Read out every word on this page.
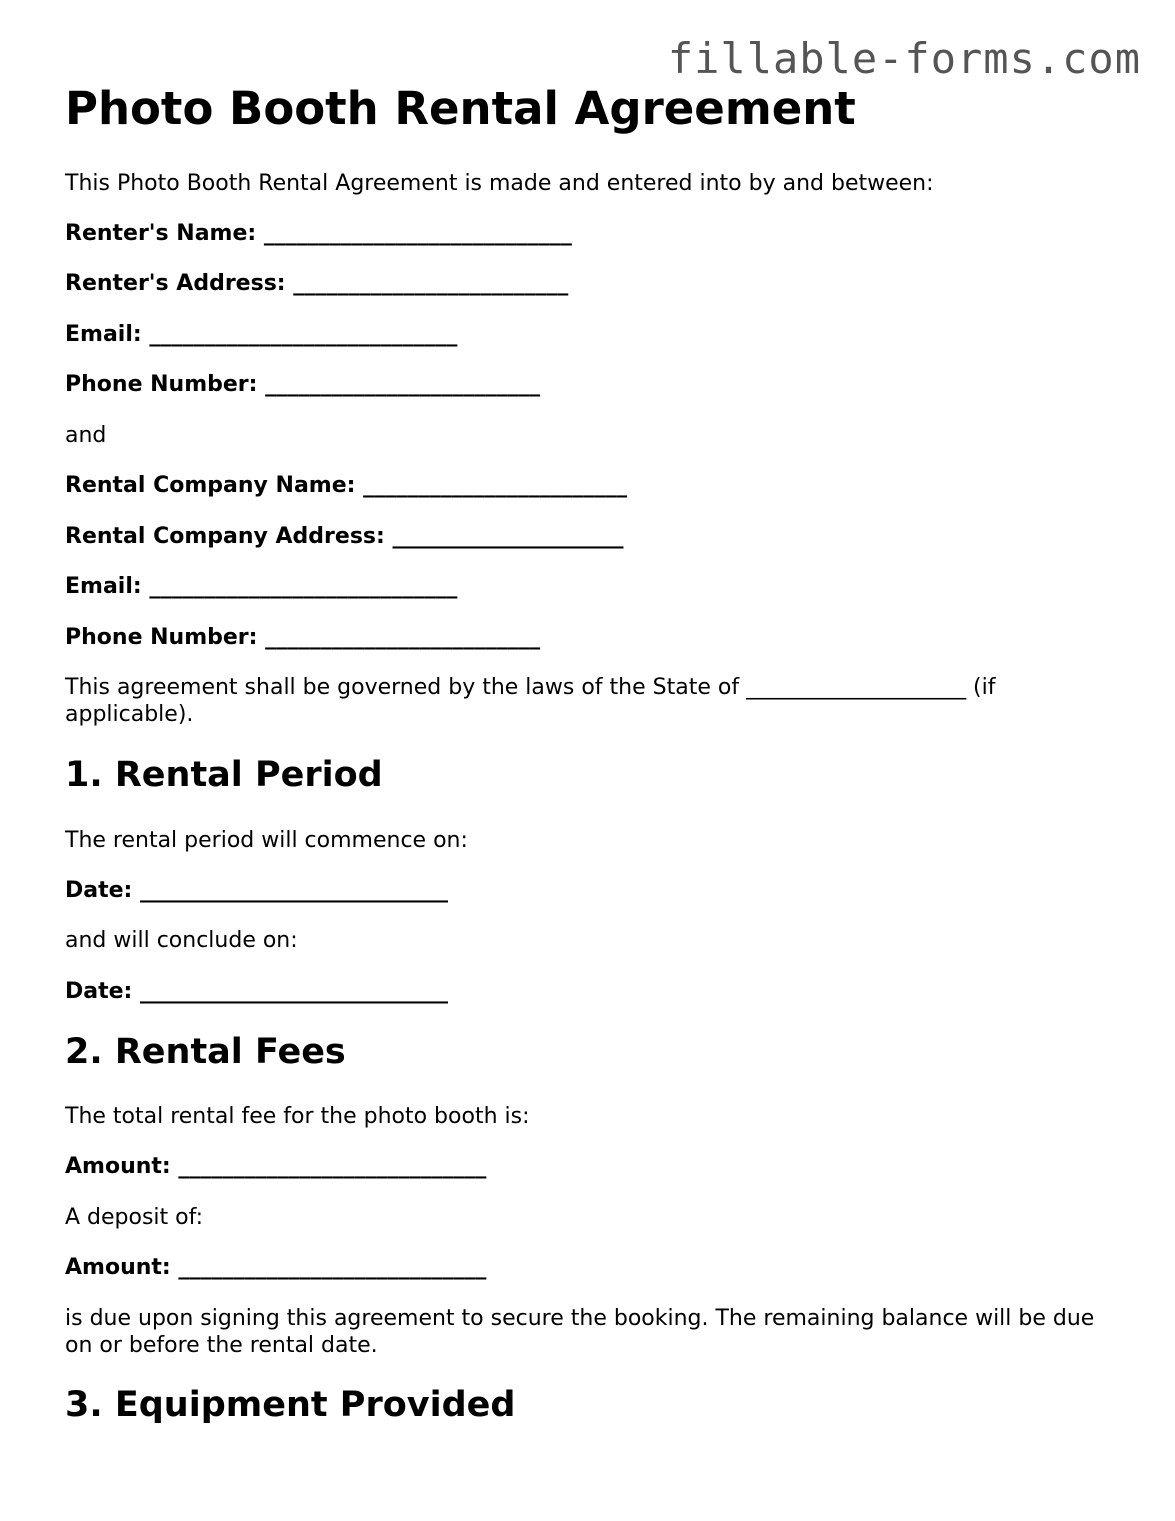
fillable-forms.com
Photo Booth Rental Agreement
This Photo Booth Rental Agreement is made and entered into by and between:
Renter's Name: ____________________________
Renter's Address: _________________________
Email: ____________________________
Phone Number: _________________________
and
Rental Company Name: ________________________
Rental Company Address: _____________________
Email: ____________________________
Phone Number: _________________________
This agreement shall be governed by the laws of the State of ____________________ (if applicable).
1. Rental Period
The rental period will commence on:
Date: ____________________________
and will conclude on:
Date: ____________________________
2. Rental Fees
The total rental fee for the photo booth is:
Amount: ____________________________
A deposit of:
Amount: ____________________________
is due upon signing this agreement to secure the booking. The remaining balance will be due on or before the rental date.
3. Equipment Provided
